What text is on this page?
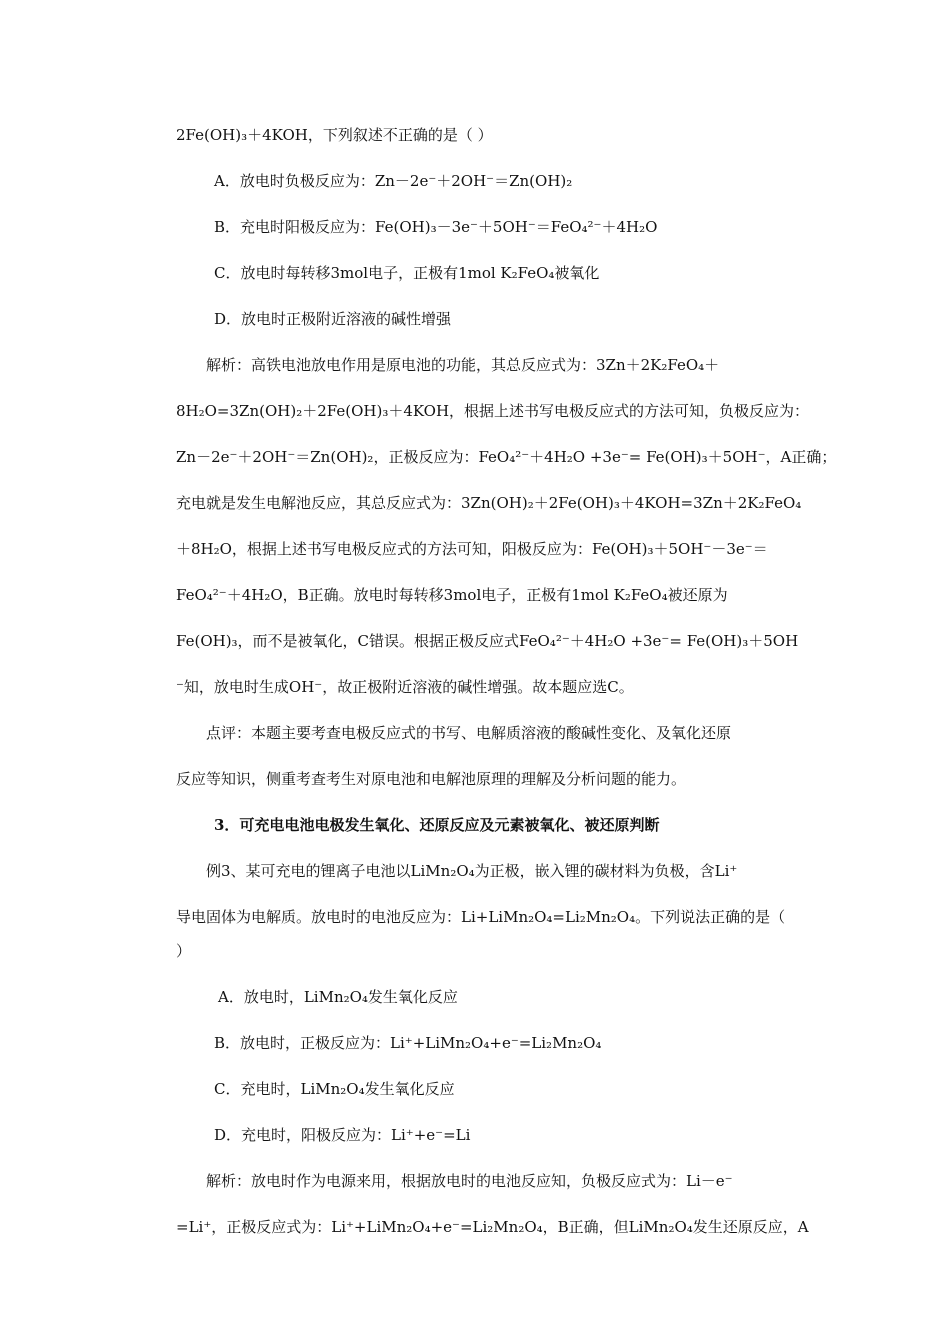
2Fe(OH)₃＋4KOH，下列叙述不正确的是（ ）
A．放电时负极反应为：Zn－2e⁻＋2OH⁻＝Zn(OH)₂
B．充电时阳极反应为：Fe(OH)₃－3e⁻＋5OH⁻＝FeO₄²⁻＋4H₂O
C．放电时每转移3mol电子，正极有1mol K₂FeO₄被氧化
D．放电时正极附近溶液的碱性增强
解析：高铁电池放电作用是原电池的功能，其总反应式为：3Zn＋2K₂FeO₄＋
8H₂O=3Zn(OH)₂＋2Fe(OH)₃＋4KOH，根据上述书写电极反应式的方法可知，负极反应为：
Zn－2e⁻＋2OH⁻＝Zn(OH)₂，正极反应为：FeO₄²⁻＋4H₂O +3e⁻= Fe(OH)₃＋5OH⁻，A正确；
充电就是发生电解池反应，其总反应式为：3Zn(OH)₂＋2Fe(OH)₃＋4KOH=3Zn＋2K₂FeO₄
＋8H₂O，根据上述书写电极反应式的方法可知，阳极反应为：Fe(OH)₃＋5OH⁻－3e⁻＝
FeO₄²⁻＋4H₂O，B正确。放电时每转移3mol电子，正极有1mol K₂FeO₄被还原为
Fe(OH)₃，而不是被氧化，C错误。根据正极反应式FeO₄²⁻＋4H₂O +3e⁻= Fe(OH)₃＋5OH
⁻知，放电时生成OH⁻，故正极附近溶液的碱性增强。故本题应选C。
点评：本题主要考查电极反应式的书写、电解质溶液的酸碱性变化、及氧化还原
反应等知识，侧重考查考生对原电池和电解池原理的理解及分析问题的能力。
3．可充电电池电极发生氧化、还原反应及元素被氧化、被还原判断
例3、某可充电的锂离子电池以LiMn₂O₄为正极，嵌入锂的碳材料为负极，含Li⁺
导电固体为电解质。放电时的电池反应为：Li+LiMn₂O₄=Li₂Mn₂O₄。下列说法正确的是（
）
A．放电时，LiMn₂O₄发生氧化反应
B．放电时，正极反应为：Li⁺+LiMn₂O₄+e⁻=Li₂Mn₂O₄
C．充电时，LiMn₂O₄发生氧化反应
D．充电时，阳极反应为：Li⁺+e⁻=Li
解析：放电时作为电源来用，根据放电时的电池反应知，负极反应式为：Li－e⁻
=Li⁺，正极反应式为：Li⁺+LiMn₂O₄+e⁻=Li₂Mn₂O₄，B正确，但LiMn₂O₄发生还原反应，A
